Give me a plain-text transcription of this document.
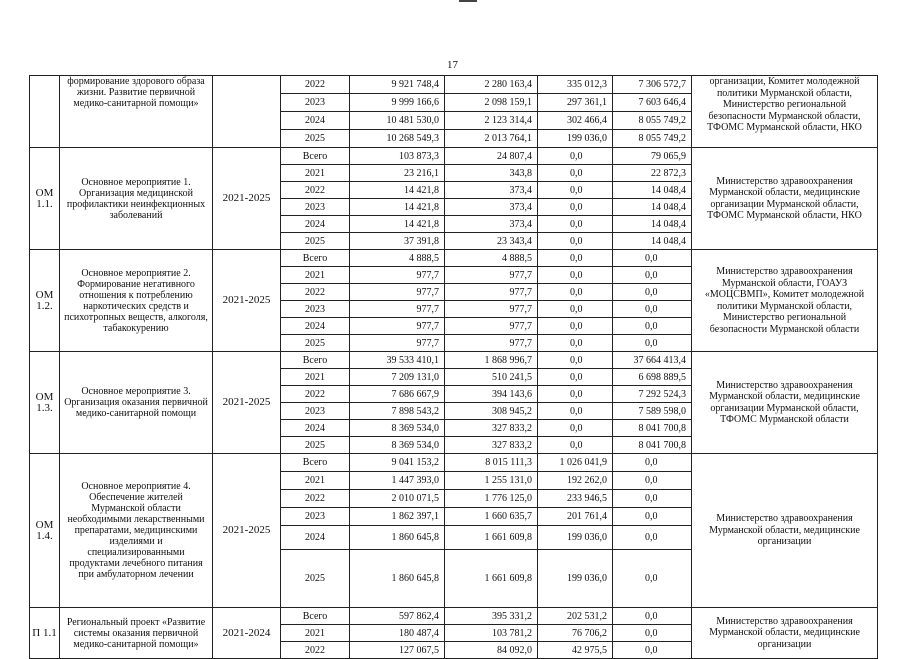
17
	формирование здорового образа жизни. Развитие первичной медико-санитарной помощи»		2022	9 921 748,4	2 280 163,4	335 012,3	7 306 572,7	организации, Комитет молодежной политики Мурманской области, Министерство региональной безопасности Мурманской области, ТФОМС Мурманской области, НКО
			2023	9 999 166,6	2 098 159,1	297 361,1	7 603 646,4	
			2024	10 481 530,0	2 123 314,4	302 466,4	8 055 749,2	
			2025	10 268 549,3	2 013 764,1	199 036,0	8 055 749,2	
ОМ 1.1.	Основное мероприятие 1. Организация медицинской профилактики неинфекционных заболеваний	2021-2025	Всего	103 873,3	24 807,4	0,0	79 065,9	Министерство здравоохранения Мурманской области, медицинские организации Мурманской области, ТФОМС Мурманской области, НКО
			2021	23 216,1	343,8	0,0	22 872,3	
			2022	14 421,8	373,4	0,0	14 048,4	
			2023	14 421,8	373,4	0,0	14 048,4	
			2024	14 421,8	373,4	0,0	14 048,4	
			2025	37 391,8	23 343,4	0,0	14 048,4	
ОМ 1.2.	Основное мероприятие 2. Формирование негативного отношения к потреблению наркотических средств и психотропных веществ, алкоголя, табакокурению	2021-2025	Всего	4 888,5	4 888,5	0,0	0,0	Министерство здравоохранения Мурманской области, ГОАУЗ «МОЦСВМП», Комитет молодежной политики Мурманской области, Министерство региональной безопасности Мурманской области
			2021	977,7	977,7	0,0	0,0	
			2022	977,7	977,7	0,0	0,0	
			2023	977,7	977,7	0,0	0,0	
			2024	977,7	977,7	0,0	0,0	
			2025	977,7	977,7	0,0	0,0	
ОМ 1.3.	Основное мероприятие 3. Организация оказания первичной медико-санитарной помощи	2021-2025	Всего	39 533 410,1	1 868 996,7	0,0	37 664 413,4	Министерство здравоохранения Мурманской области, медицинские организации Мурманской области, ТФОМС Мурманской области
			2021	7 209 131,0	510 241,5	0,0	6 698 889,5	
			2022	7 686 667,9	394 143,6	0,0	7 292 524,3	
			2023	7 898 543,2	308 945,2	0,0	7 589 598,0	
			2024	8 369 534,0	327 833,2	0,0	8 041 700,8	
			2025	8 369 534,0	327 833,2	0,0	8 041 700,8	
ОМ 1.4.	Основное мероприятие 4. Обеспечение жителей Мурманской области необходимыми лекарственными препаратами, медицинскими изделиями и специализированными продуктами лечебного питания при амбулаторном лечении	2021-2025	Всего	9 041 153,2	8 015 111,3	1 026 041,9	0,0	Министерство здравоохранения Мурманской области, медицинские организации
			2021	1 447 393,0	1 255 131,0	192 262,0	0,0	
			2022	2 010 071,5	1 776 125,0	233 946,5	0,0	
			2023	1 862 397,1	1 660 635,7	201 761,4	0,0	
			2024	1 860 645,8	1 661 609,8	199 036,0	0,0	
			2025	1 860 645,8	1 661 609,8	199 036,0	0,0	
П 1.1	Региональный проект «Развитие системы оказания первичной медико-санитарной помощи»	2021-2024	Всего	597 862,4	395 331,2	202 531,2	0,0	Министерство здравоохранения Мурманской области, медицинские организации
			2021	180 487,4	103 781,2	76 706,2	0,0	
			2022	127 067,5	84 092,0	42 975,5	0,0	
